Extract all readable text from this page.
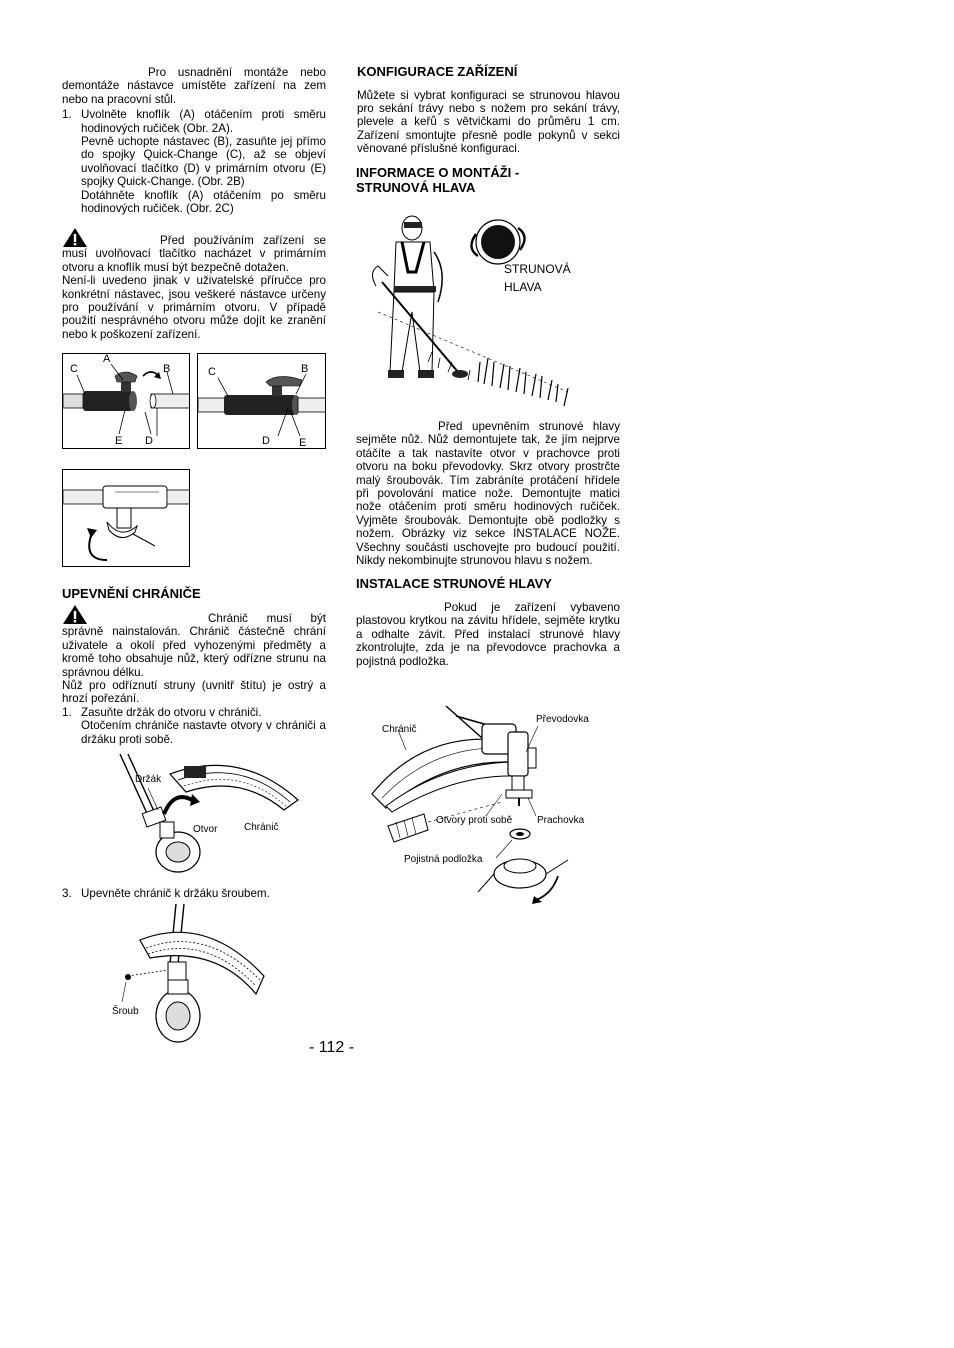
Pro usnadnění montáže nebo demontáže nástavce umístěte zařízení na zem nebo na pracovní stůl.

1. Uvolněte knoflík (A) otáčením proti směru hodinových ručiček (Obr. 2A).

Pevně uchopte nástavec (B), zasuňte jej přímo do spojky Quick-Change (C), až se objeví uvolňovací tlačítko (D) v primárním otvoru (E) spojky Quick-Change. (Obr. 2B)

Dotáhněte knoflík (A) otáčením po směru hodinových ručiček. (Obr. 2C)

Před používáním zařízení se musí uvolňovací tlačítko nacházet v primárním otvoru a knoflík musí být bezpečně dotažen.

Není-li uvedeno jinak v uživatelské příručce pro konkrétní nástavec, jsou veškeré nástavce určeny pro používání v primárním otvoru. V případě použití nesprávného otvoru může dojít ke zranění nebo k poškození zařízení.

C
A
B
E D
C	B
D	E
UPEVNĚNÍ CHRÁNIČE

Chránič musí být správně nainstalován. Chránič částečně chrání uživatele a okolí před vyhozenými předměty a kromě toho obsahuje nůž, který odřízne strunu na správnou délku.

Nůž pro odříznutí struny (uvnitř štítu) je ostrý a hrozí pořezání.

1. Zasuňte držák do otvoru v chrániči.

Otočením chrániče nastavte otvory v chrániči a držáku proti sobě.

Držák
Otvor	Chránič
3. Upevněte chránič k držáku šroubem.
Šroub
KONFIGURACE ZAŘÍZENÍ

Můžete si vybrat konfiguraci se strunovou hlavou pro sekání trávy nebo s nožem pro sekání trávy, plevele a keřů s větvičkami do průměru 1 cm. Zařízení smontujte přesně podle pokynů v sekci věnované příslušné konfiguraci.

INFORMACE O MONTÁŽI -
STRUNOVÁ HLAVA
STRUNOVÁ
HLAVA

Před upevněním strunové hlavy sejměte nůž. Nůž demontujete tak, že jím nejprve otáčíte a tak nastavíte otvor v prachovce proti otvoru na boku převodovky. Skrz otvory prostrčte malý šroubovák. Tím zabráníte protáčení hřídele při povolování matice nože. Demontujte matici nože otáčením proti směru hodinových ručiček. Vyjměte šroubovák. Demontujte obě podložky s nožem. Obrázky viz sekce INSTALACE NOŽE. Všechny součásti uschovejte pro budoucí použití. Nikdy nekombinujte strunovou hlavu s nožem.

INSTALACE STRUNOVÉ HLAVY

Pokud je zařízení vybaveno plastovou krytkou na závitu hřídele, sejměte krytku a odhalte závit. Před instalací strunové hlavy zkontrolujte, zda je na převodovce prachovka a pojistná podložka.

Chránič
Převodovka
Otvory proti sobě Prachovka
Pojistná podložka
- 112 -
